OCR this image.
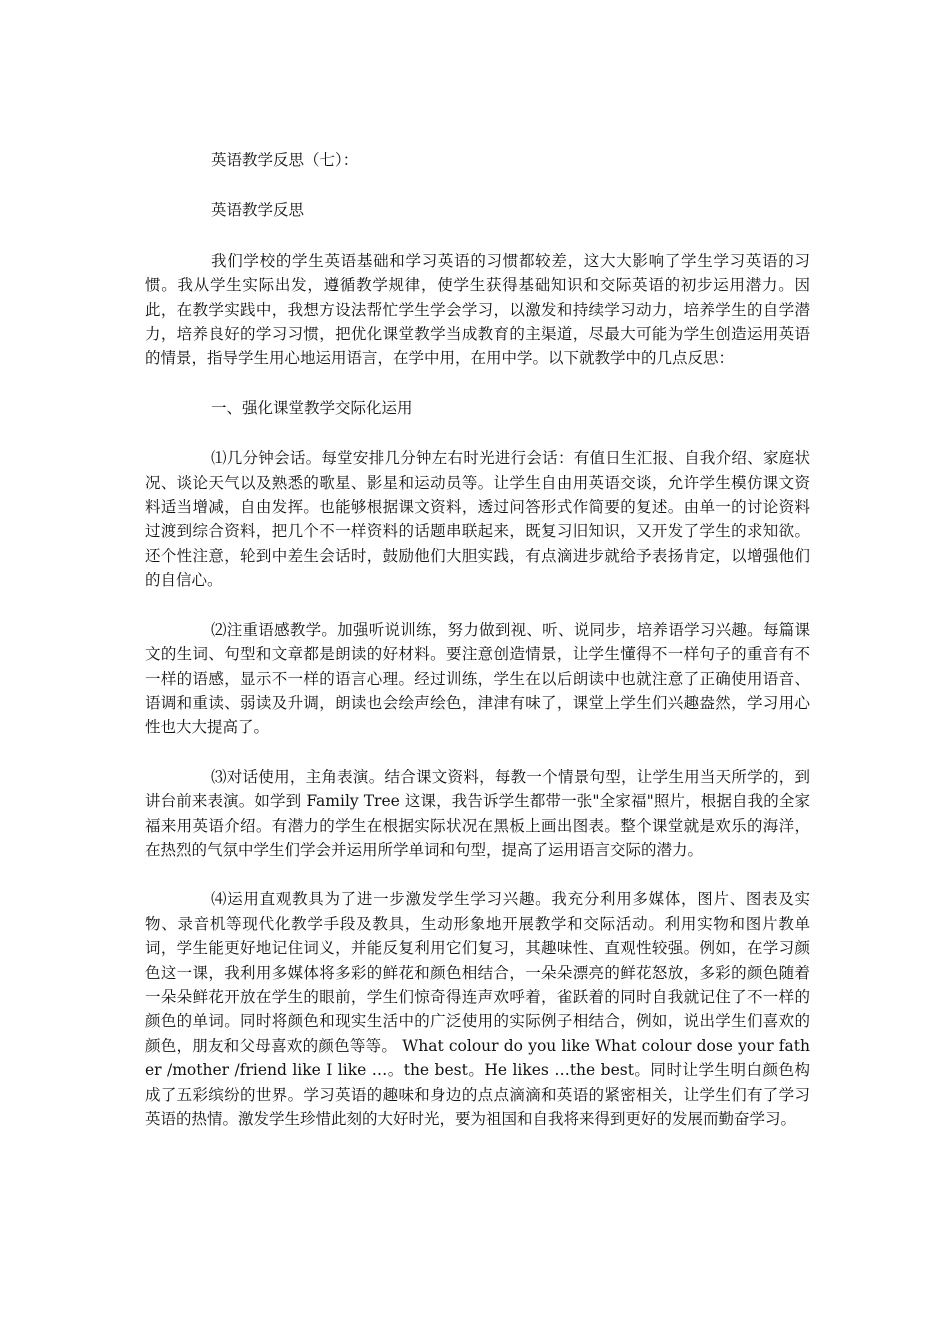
英语教学反思（七）：

英语教学反思

我们学校的学生英语基础和学习英语的习惯都较差，这大大影响了学生学习英语的习惯。我从学生实际出发，遵循教学规律，使学生获得基础知识和交际英语的初步运用潜力。因此，在教学实践中，我想方设法帮忙学生学会学习，以激发和持续学习动力，培养学生的自学潜力，培养良好的学习习惯，把优化课堂教学当成教育的主渠道，尽最大可能为学生创造运用英语的情景，指导学生用心地运用语言，在学中用，在用中学。以下就教学中的几点反思：

一、强化课堂教学交际化运用

⑴几分钟会话。每堂安排几分钟左右时光进行会话：有值日生汇报、自我介绍、家庭状况、谈论天气以及熟悉的歌星、影星和运动员等。让学生自由用英语交谈，允许学生模仿课文资料适当增减，自由发挥。也能够根据课文资料，透过问答形式作简要的复述。由单一的讨论资料过渡到综合资料，把几个不一样资料的话题串联起来，既复习旧知识，又开发了学生的求知欲。还个性注意，轮到中差生会话时，鼓励他们大胆实践，有点滴进步就给予表扬肯定，以增强他们的自信心。

⑵注重语感教学。加强听说训练，努力做到视、听、说同步，培养语学习兴趣。每篇课文的生词、句型和文章都是朗读的好材料。要注意创造情景，让学生懂得不一样句子的重音有不一样的语感，显示不一样的语言心理。经过训练，学生在以后朗读中也就注意了正确使用语音、语调和重读、弱读及升调，朗读也会绘声绘色，津津有味了，课堂上学生们兴趣盎然，学习用心性也大大提高了。

⑶对话使用，主角表演。结合课文资料，每教一个情景句型，让学生用当天所学的，到讲台前来表演。如学到 Family Tree 这课，我告诉学生都带一张"全家福"照片，根据自我的全家福来用英语介绍。有潜力的学生在根据实际状况在黑板上画出图表。整个课堂就是欢乐的海洋，在热烈的气氛中学生们学会并运用所学单词和句型，提高了运用语言交际的潜力。

⑷运用直观教具为了进一步激发学生学习兴趣。我充分利用多媒体，图片、图表及实物、录音机等现代化教学手段及教具，生动形象地开展教学和交际活动。利用实物和图片教单词，学生能更好地记住词义，并能反复利用它们复习，其趣味性、直观性较强。例如，在学习颜色这一课，我利用多媒体将多彩的鲜花和颜色相结合，一朵朵漂亮的鲜花怒放，多彩的颜色随着一朵朵鲜花开放在学生的眼前，学生们惊奇得连声欢呼着，雀跃着的同时自我就记住了不一样的颜色的单词。同时将颜色和现实生活中的广泛使用的实际例子相结合，例如，说出学生们喜欢的颜色，朋友和父母喜欢的颜色等等。 What colour do you like What colour dose your father /mother /friend like I like …。the best。He likes …the best。同时让学生明白颜色构成了五彩缤纷的世界。学习英语的趣味和身边的点点滴滴和英语的紧密相关，让学生们有了学习英语的热情。激发学生珍惜此刻的大好时光，要为祖国和自我将来得到更好的发展而勤奋学习。
